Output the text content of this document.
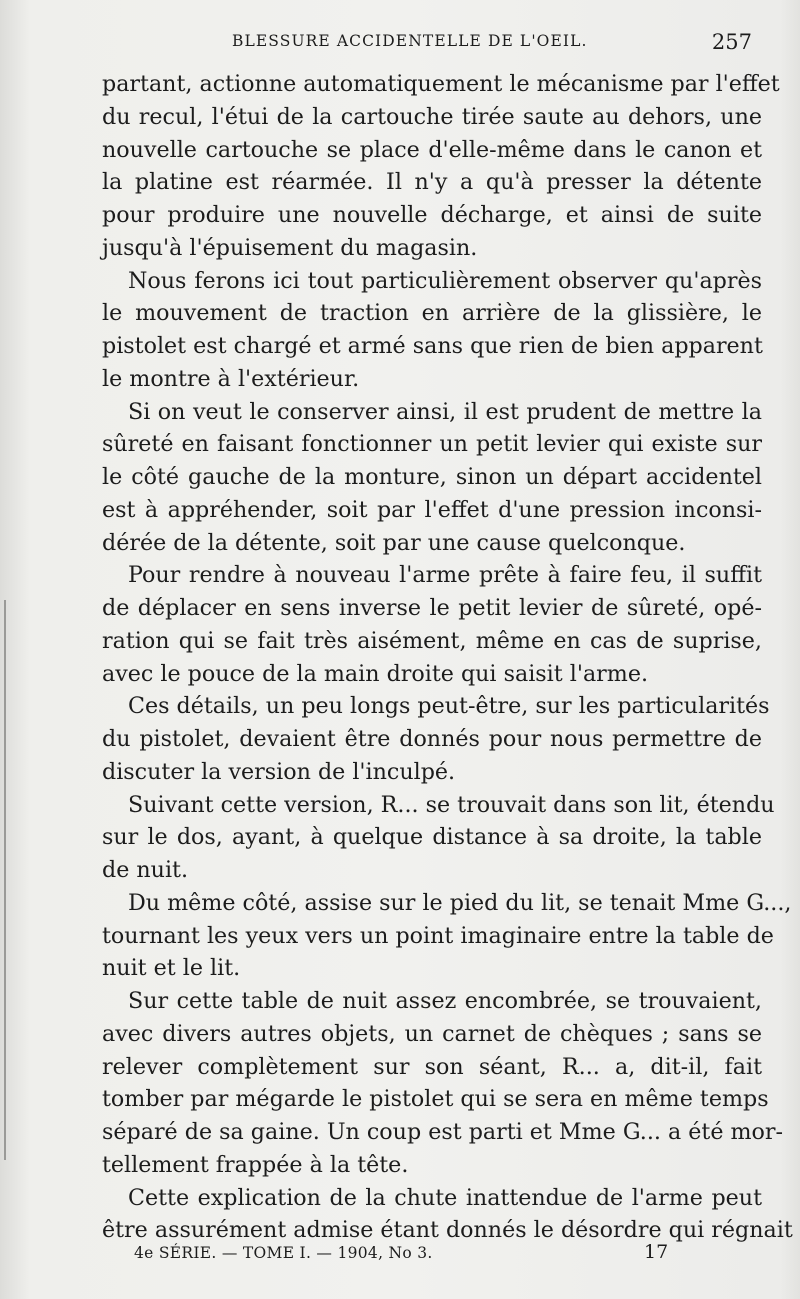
BLESSURE ACCIDENTELLE DE L'OEIL.	257
partant, actionne automatiquement le mécanisme par l'effet
du recul, l'étui de la cartouche tirée saute au dehors, une
nouvelle cartouche se place d'elle-même dans le canon et
la platine est réarmée. Il n'y a qu'à presser la détente
pour produire une nouvelle décharge, et ainsi de suite
jusqu'à l'épuisement du magasin.
Nous ferons ici tout particulièrement observer qu'après
le mouvement de traction en arrière de la glissière, le
pistolet est chargé et armé sans que rien de bien apparent
le montre à l'extérieur.
Si on veut le conserver ainsi, il est prudent de mettre la
sûreté en faisant fonctionner un petit levier qui existe sur
le côté gauche de la monture, sinon un départ accidentel
est à appréhender, soit par l'effet d'une pression inconsi-
dérée de la détente, soit par une cause quelconque.
Pour rendre à nouveau l'arme prête à faire feu, il suffit
de déplacer en sens inverse le petit levier de sûreté, opé-
ration qui se fait très aisément, même en cas de suprise,
avec le pouce de la main droite qui saisit l'arme.
Ces détails, un peu longs peut-être, sur les particularités
du pistolet, devaient être donnés pour nous permettre de
discuter la version de l'inculpé.
Suivant cette version, R... se trouvait dans son lit, étendu
sur le dos, ayant, à quelque distance à sa droite, la table
de nuit.
Du même côté, assise sur le pied du lit, se tenait Mme G...,
tournant les yeux vers un point imaginaire entre la table de
nuit et le lit.
Sur cette table de nuit assez encombrée, se trouvaient,
avec divers autres objets, un carnet de chèques ; sans se
relever complètement sur son séant, R... a, dit-il, fait
tomber par mégarde le pistolet qui se sera en même temps
séparé de sa gaine. Un coup est parti et Mme G... a été mor-
tellement frappée à la tête.
Cette explication de la chute inattendue de l'arme peut
être assurément admise étant donnés le désordre qui régnait
4e SÉRIE. — TOME I. — 1904, No 3.	17
